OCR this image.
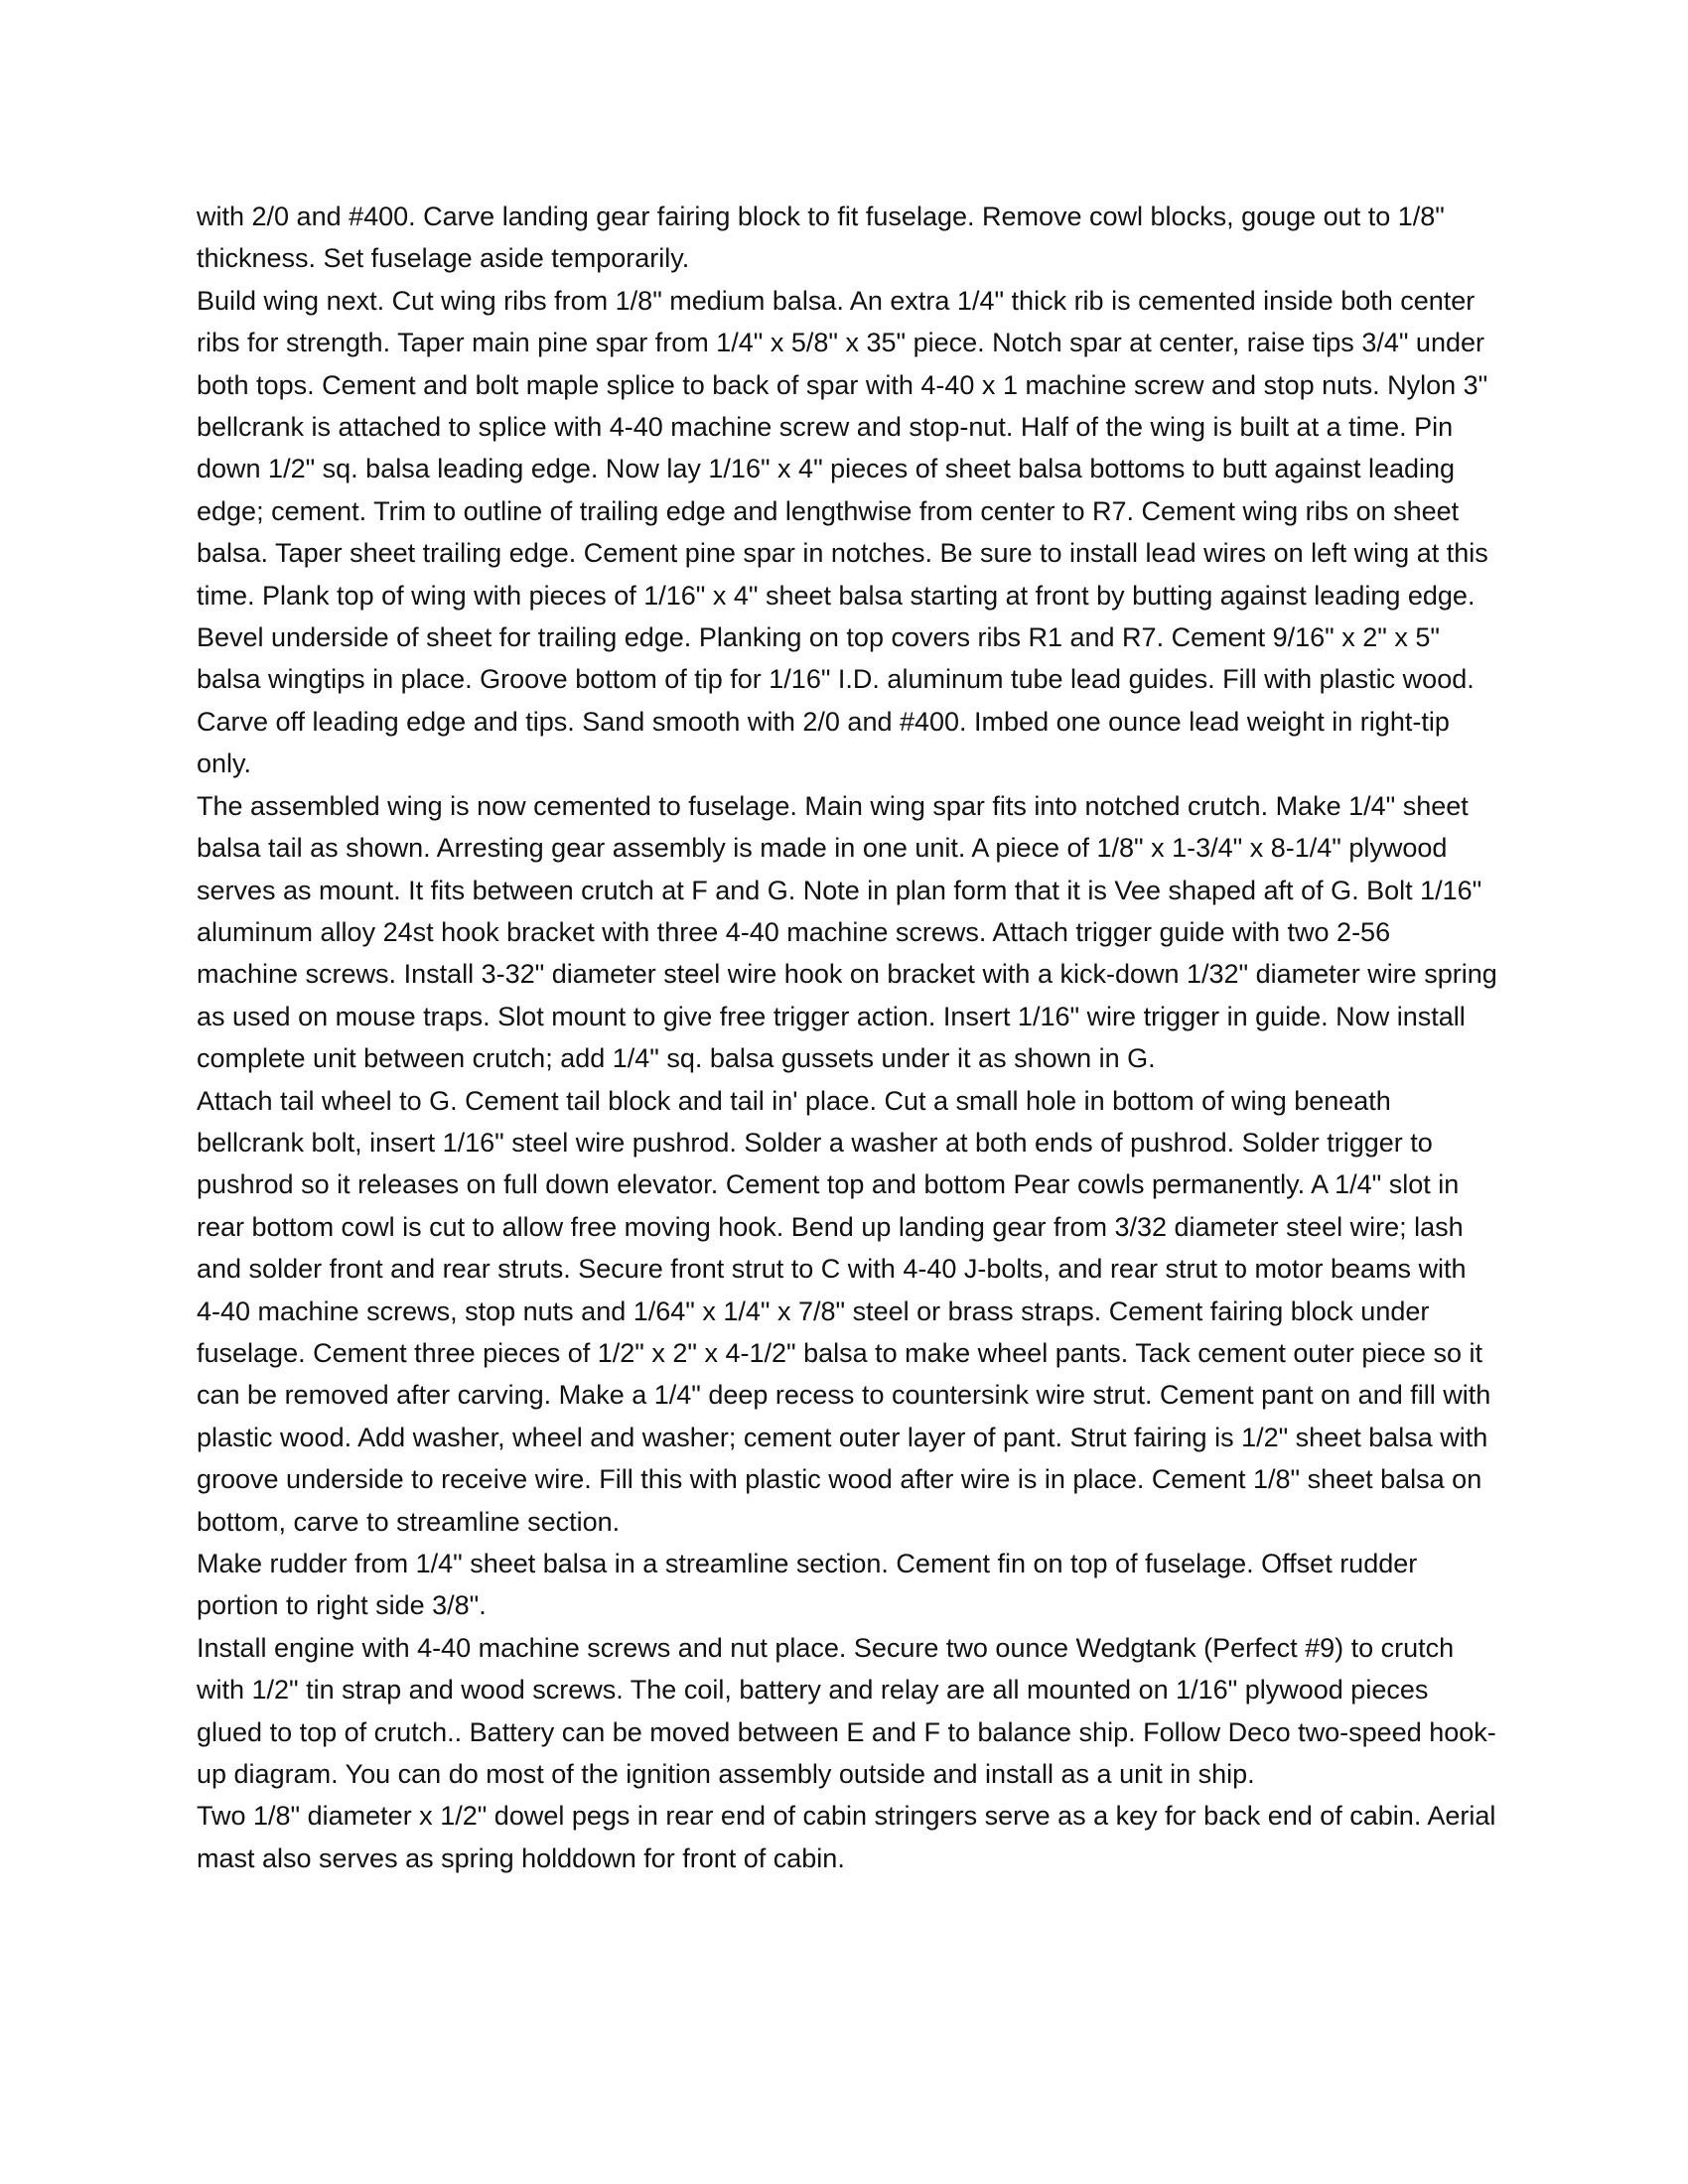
with 2/0 and #400. Carve landing gear fairing block to fit fuselage. Remove cowl blocks, gouge out to 1/8" thickness. Set fuselage aside temporarily.

Build wing next. Cut wing ribs from 1/8" medium balsa. An extra 1/4" thick rib is cemented inside both center ribs for strength. Taper main pine spar from 1/4" x 5/8" x 35" piece. Notch spar at center, raise tips 3/4" under both tops. Cement and bolt maple splice to back of spar with 4-40 x 1 machine screw and stop nuts. Nylon 3" bellcrank is attached to splice with 4-40 machine screw and stop-nut. Half of the wing is built at a time. Pin down 1/2" sq. balsa leading edge. Now lay 1/16" x 4" pieces of sheet balsa bottoms to butt against leading edge; cement. Trim to outline of trailing edge and lengthwise from center to R7. Cement wing ribs on sheet balsa. Taper sheet trailing edge. Cement pine spar in notches. Be sure to install lead wires on left wing at this time. Plank top of wing with pieces of 1/16" x 4" sheet balsa starting at front by butting against leading edge. Bevel underside of sheet for trailing edge. Planking on top covers ribs R1 and R7. Cement 9/16" x 2" x 5" balsa wingtips in place. Groove bottom of tip for 1/16" I.D. aluminum tube lead guides. Fill with plastic wood. Carve off leading edge and tips. Sand smooth with 2/0 and #400. Imbed one ounce lead weight in right-tip only.

The assembled wing is now cemented to fuselage. Main wing spar fits into notched crutch. Make 1/4" sheet balsa tail as shown. Arresting gear assembly is made in one unit. A piece of 1/8" x 1-3/4" x 8-1/4" plywood serves as mount. It fits between crutch at F and G. Note in plan form that it is Vee shaped aft of G. Bolt 1/16" aluminum alloy 24st hook bracket with three 4-40 machine screws. Attach trigger guide with two 2-56 machine screws. Install 3-32" diameter steel wire hook on bracket with a kick-down 1/32" diameter wire spring as used on mouse traps. Slot mount to give free trigger action. Insert 1/16" wire trigger in guide. Now install complete unit between crutch; add 1/4" sq. balsa gussets under it as shown in G.

Attach tail wheel to G. Cement tail block and tail in' place. Cut a small hole in bottom of wing beneath bellcrank bolt, insert 1/16" steel wire pushrod. Solder a washer at both ends of pushrod. Solder trigger to pushrod so it releases on full down elevator. Cement top and bottom Pear cowls permanently. A 1/4" slot in rear bottom cowl is cut to allow free moving hook. Bend up landing gear from 3/32 diameter steel wire; lash and solder front and rear struts. Secure front strut to C with 4-40 J-bolts, and rear strut to motor beams with 4-40 machine screws, stop nuts and 1/64" x 1/4" x 7/8" steel or brass straps. Cement fairing block under fuselage. Cement three pieces of 1/2" x 2" x 4-1/2" balsa to make wheel pants. Tack cement outer piece so it can be removed after carving. Make a 1/4" deep recess to countersink wire strut. Cement pant on and fill with plastic wood. Add washer, wheel and washer; cement outer layer of pant. Strut fairing is 1/2" sheet balsa with groove underside to receive wire. Fill this with plastic wood after wire is in place. Cement 1/8" sheet balsa on bottom, carve to streamline section.

Make rudder from 1/4" sheet balsa in a streamline section. Cement fin on top of fuselage. Offset rudder portion to right side 3/8".

Install engine with 4-40 machine screws and nut place. Secure two ounce Wedgtank (Perfect #9) to crutch with 1/2" tin strap and wood screws. The coil, battery and relay are all mounted on 1/16" plywood pieces glued to top of crutch.. Battery can be moved between E and F to balance ship. Follow Deco two-speed hook-up diagram. You can do most of the ignition assembly outside and install as a unit in ship.

Two 1/8" diameter x 1/2" dowel pegs in rear end of cabin stringers serve as a key for back end of cabin. Aerial mast also serves as spring holddown for front of cabin.
